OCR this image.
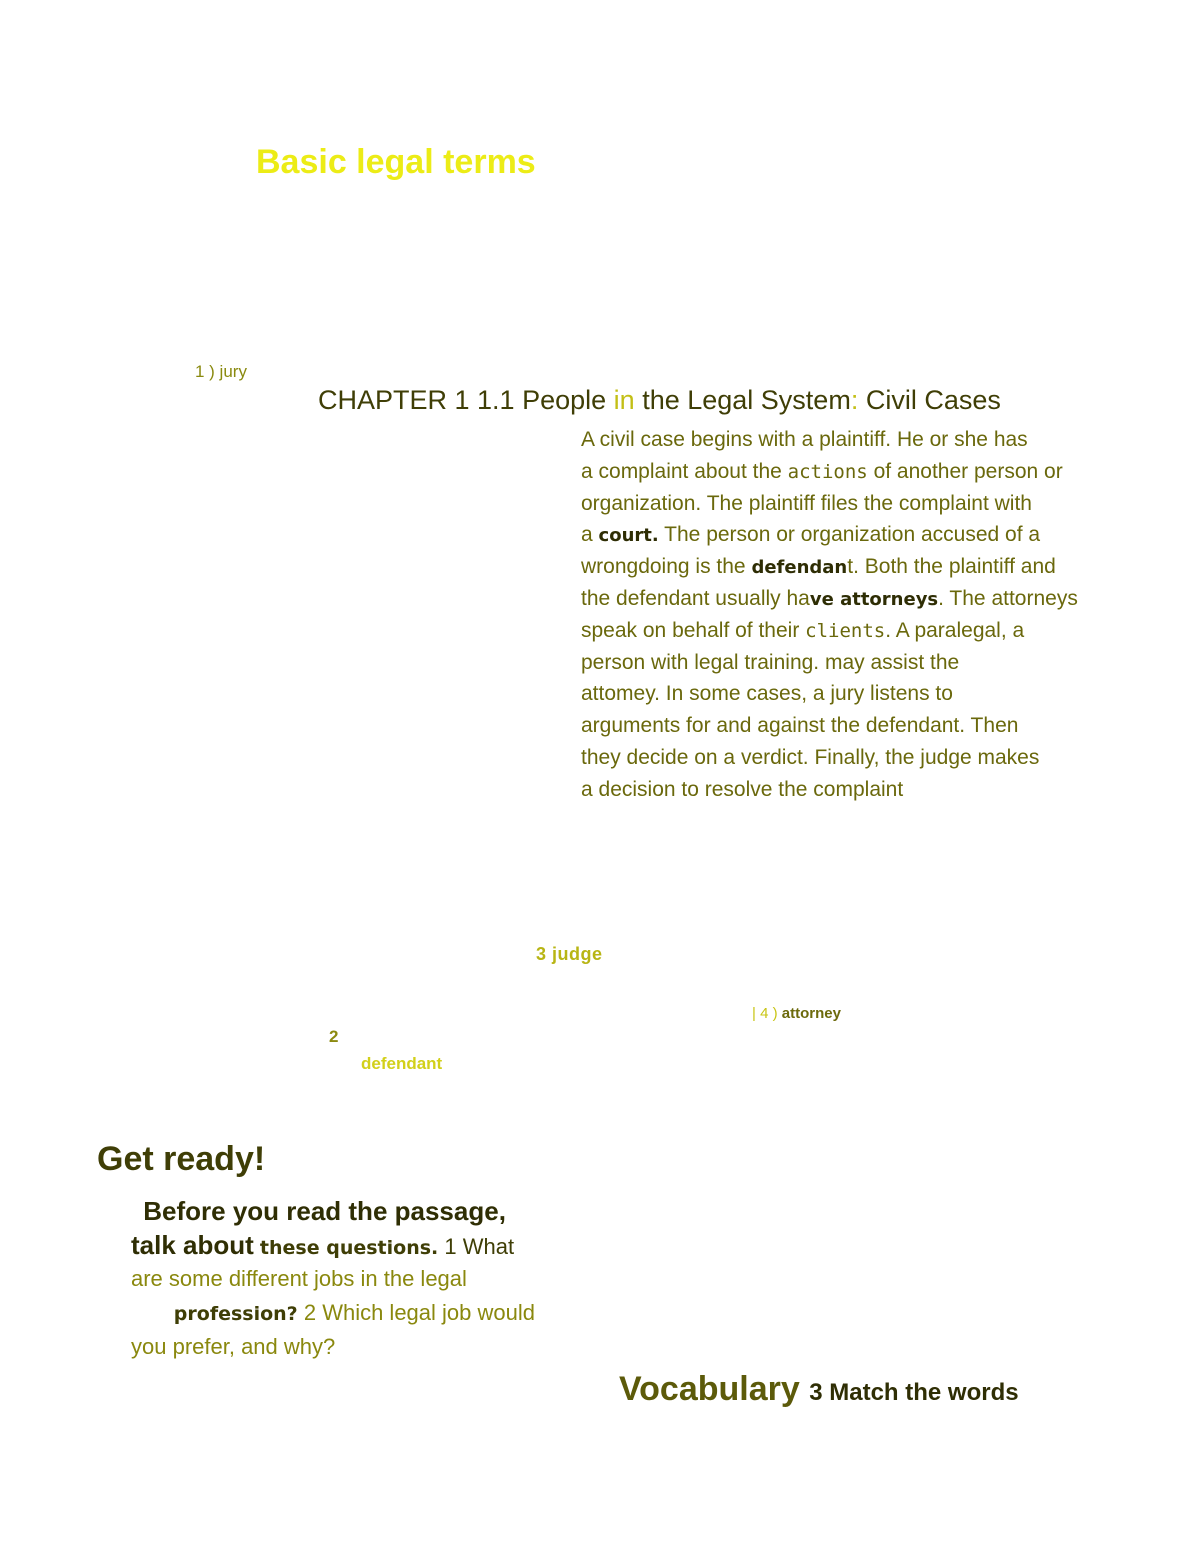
Basic legal terms
1 ) jury
CHAPTER 1 1.1 People in the Legal System: Civil Cases
A civil case begins with a plaintiff. He or she has
a complaint about the actions of another person or
organization. The plaintiff files the complaint with
a court. The person or organization accused of a
wrongdoing is the defendant. Both the plaintiff and
the defendant usually have attorneys. The attorneys
speak on behalf of their clients. A paralegal, a
person with legal training. may assist the
attomey. In some cases, a jury listens to
arguments for and against the defendant. Then
they decide on a verdict. Finally, the judge makes
a decision to resolve the complaint
3 judge
| 4 ) attorney
2
defendant
Get ready!
Before you read the passage,
talk about these questions. 1 What
are some different jobs in the legal
profession? 2 Which legal job would
you prefer, and why?
Vocabulary 3 Match the words
